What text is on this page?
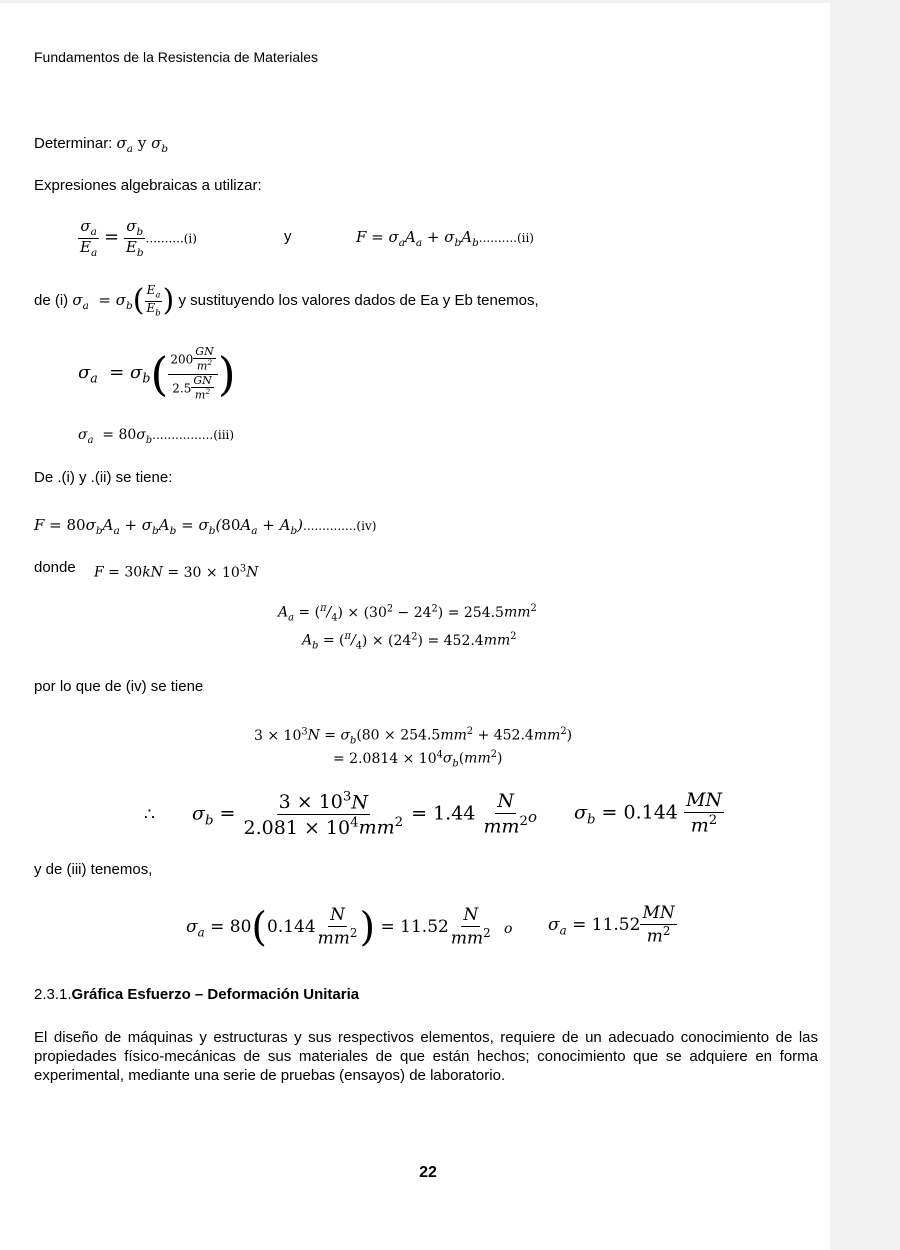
Fundamentos de la Resistencia de Materiales
Determinar: $\sigma_a$ y $\sigma_b$
Expresiones algebraicas a utilizar:
$\frac{\sigma_a}{E_a} = \frac{\sigma_b}{E_b} ..........(i)$	y	$F = \sigma_aA_a + \sigma_bA_b..........(ii)$
de (i) $\sigma_a = \sigma_b( \frac{E_a}{E_b}$ ) y sustituyendo los valores dados de Ea y Eb tenemos,
$\sigma_a = \sigma_b( \frac{200 \frac{GN}{m^2}}{2.5 \frac{GN}{m^2}}$ )
$\sigma_a = 80\sigma_b................(iii)$
De .(i) y .(ii) se tiene:
$F = 80\sigma_bA_a + \sigma_bA_b = \sigma_b(80A_a + A_b)..............(iv)$
donde $F = 30kN = 30 \times 10^3N$
$A_a = (^\pi/_4) \times (30^2 - 24^2) = 254.5mm^2$
$A_b = (^\pi/_4) \times (24^2) = 452.4mm^2$
por lo que de (iv) se tiene
$3 \times 10^3N = \sigma_b(80 \times 254.5mm^2 + 452.4mm^2)$
= $2.0814 \times 10^4\sigma_b(mm^2)$
∴ $\sigma_b = \frac{3 \times 10^3N}{2.081 \times 10^4mm^2} = 1.44 \frac{N}{mm^2}$
o $\sigma_b = 0.144 \frac{MN}{m^2}$
y de (iii) tenemos,
$\sigma_a = 80(0.144 \frac{N}{mm^2}$ ) = $11.52 \frac{N}{mm^2}$ o $\sigma_a = 11.52 \frac{MN}{m^2}$
2.3.1.Gráfica Esfuerzo – Deformación Unitaria
El diseño de máquinas y estructuras y sus respectivos elementos, requiere de un adecuado conocimiento de las propiedades físico-mecánicas de sus materiales de que están hechos; conocimiento que se adquiere en forma experimental, mediante una serie de pruebas (ensayos) de laboratorio.
22
